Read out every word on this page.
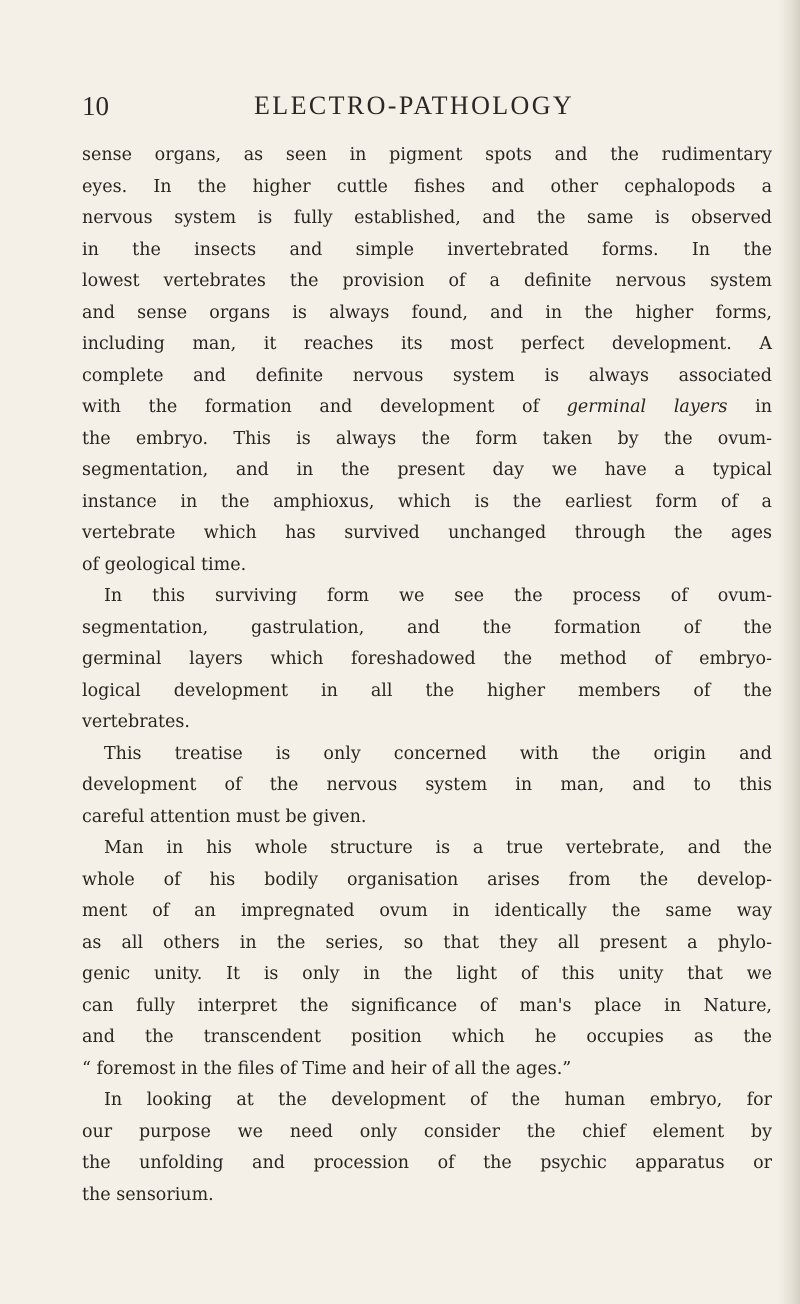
10	ELECTRO-PATHOLOGY
sense organs, as seen in pigment spots and the rudimentary
eyes. In the higher cuttle fishes and other cephalopods a
nervous system is fully established, and the same is observed
in the insects and simple invertebrated forms. In the
lowest vertebrates the provision of a definite nervous system
and sense organs is always found, and in the higher forms,
including man, it reaches its most perfect development. A
complete and definite nervous system is always associated
with the formation and development of germinal layers in
the embryo. This is always the form taken by the ovum-
segmentation, and in the present day we have a typical
instance in the amphioxus, which is the earliest form of a
vertebrate which has survived unchanged through the ages
of geological time.
In this surviving form we see the process of ovum-
segmentation, gastrulation, and the formation of the
germinal layers which foreshadowed the method of embryo-
logical development in all the higher members of the
vertebrates.
This treatise is only concerned with the origin and
development of the nervous system in man, and to this
careful attention must be given.
Man in his whole structure is a true vertebrate, and the
whole of his bodily organisation arises from the develop-
ment of an impregnated ovum in identically the same way
as all others in the series, so that they all present a phylo-
genic unity. It is only in the light of this unity that we
can fully interpret the significance of man's place in Nature,
and the transcendent position which he occupies as the
“ foremost in the files of Time and heir of all the ages.”
In looking at the development of the human embryo, for
our purpose we need only consider the chief element by
the unfolding and procession of the psychic apparatus or
the sensorium.
